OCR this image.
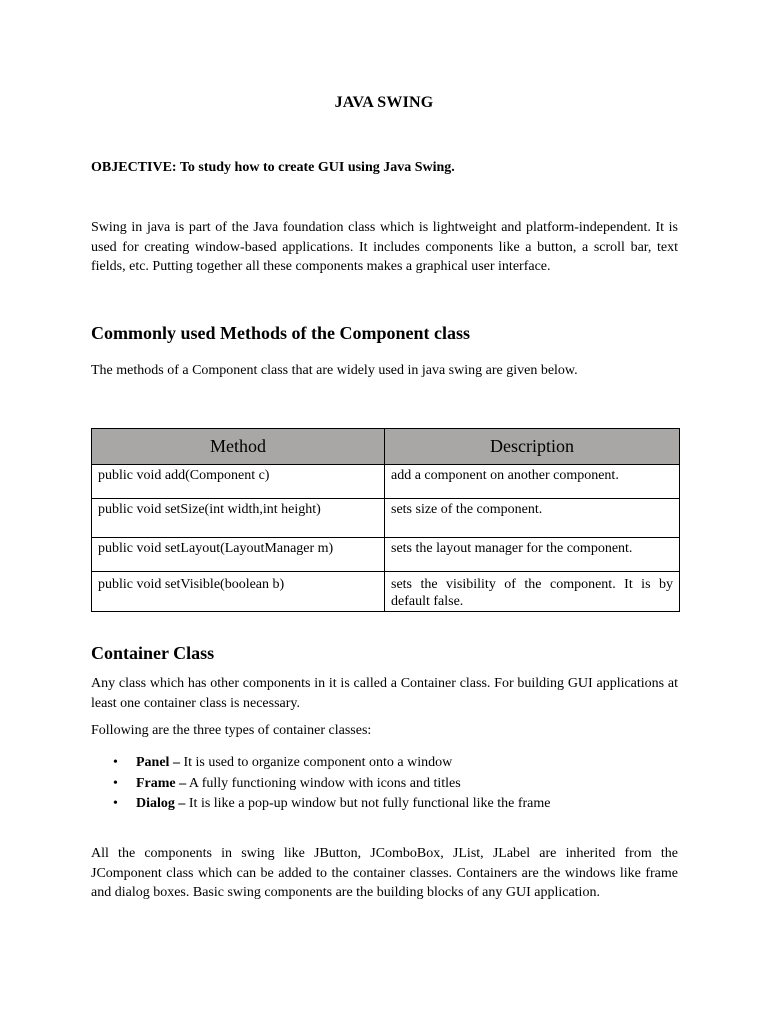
JAVA SWING
OBJECTIVE: To study how to create GUI using Java Swing.
Swing in java is part of the Java foundation class which is lightweight and platform-independent. It is used for creating window-based applications. It includes components like a button, a scroll bar, text fields, etc. Putting together all these components makes a graphical user interface.
Commonly used Methods of the Component class
The methods of a Component class that are widely used in java swing are given below.
Method	Description
public void add(Component c)	add a component on another component.
public void setSize(int width,int height)	sets size of the component.
public void setLayout(LayoutManager m)	sets the layout manager for the component.
public void setVisible(boolean b)	sets the visibility of the component. It is by default false.
Container Class
Any class which has other components in it is called a Container class. For building GUI applications at least one container class is necessary.
Following are the three types of container classes:
• Panel – It is used to organize component onto a window
• Frame – A fully functioning window with icons and titles
• Dialog – It is like a pop-up window but not fully functional like the frame
All the components in swing like JButton, JComboBox, JList, JLabel are inherited from the JComponent class which can be added to the container classes. Containers are the windows like frame and dialog boxes. Basic swing components are the building blocks of any GUI application.
